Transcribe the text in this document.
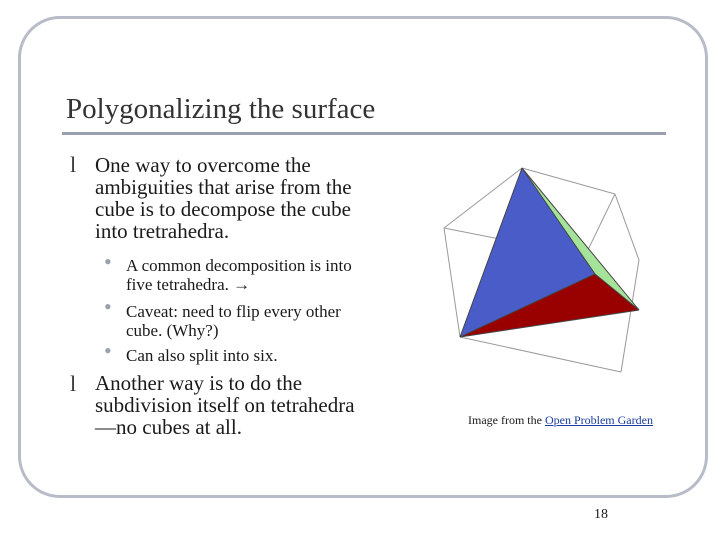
Polygonalizing the surface
l One way to overcome the
ambiguities that arise from the
cube is to decompose the cube
into tretrahedra.
• A common decomposition is into
five tetrahedra. →
• Caveat: need to flip every other
cube. (Why?)
• Can also split into six.
l Another way is to do the
subdivision itself on tetrahedra
—no cubes at all.	Image from the Open Problem Garden
18
